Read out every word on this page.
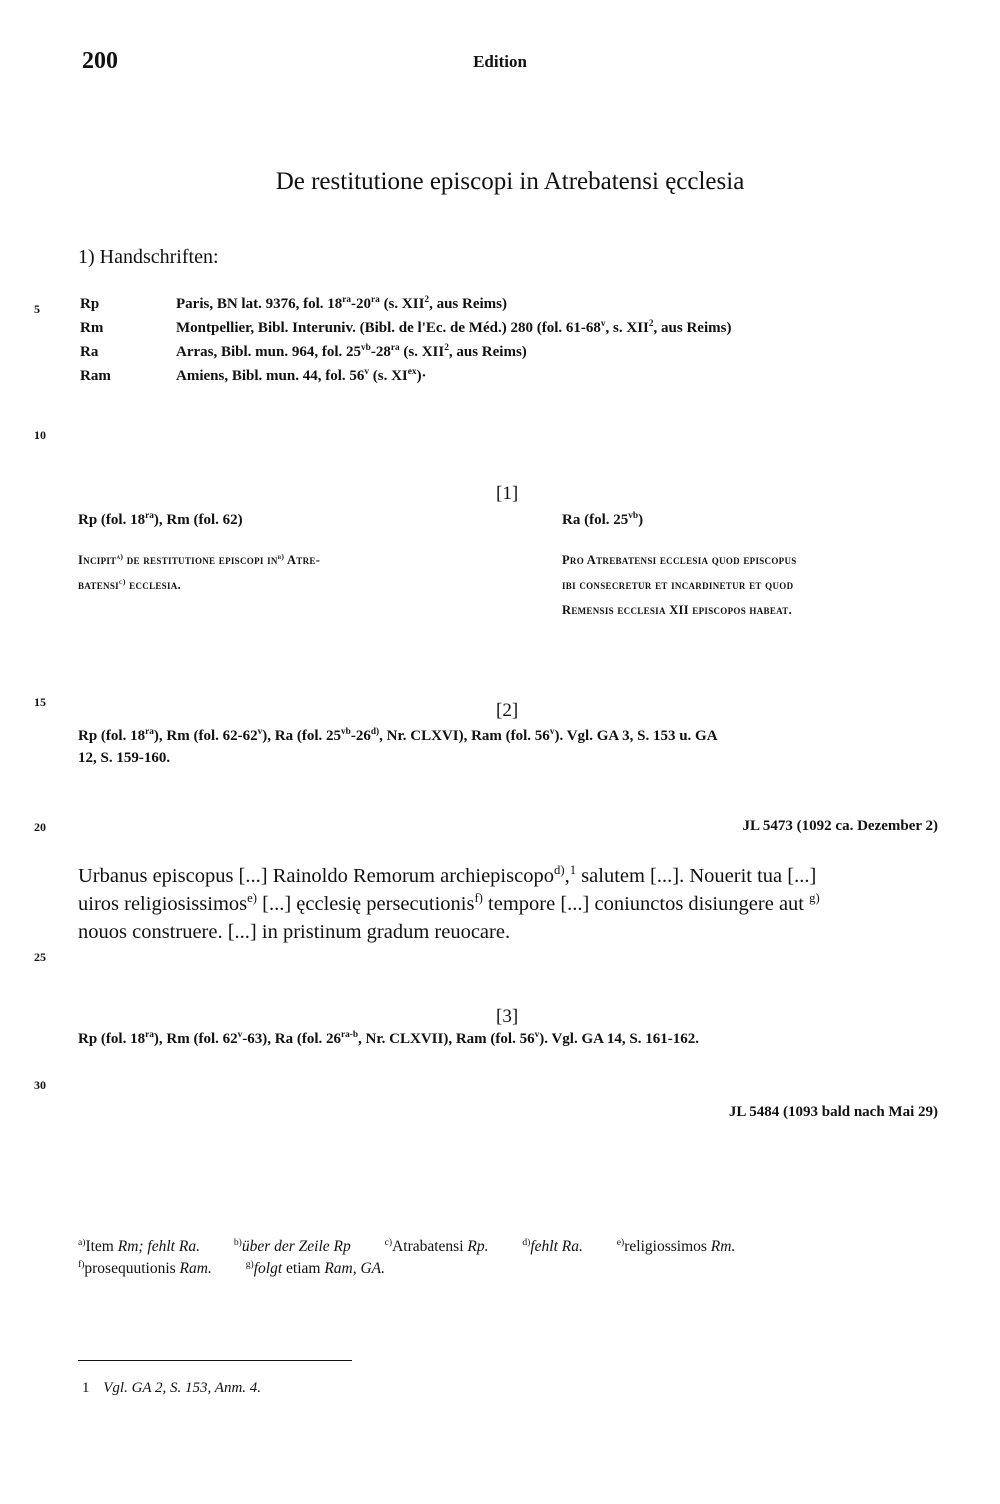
200	Edition
De restitutione episcopi in Atrebatensi ęcclesia
1) Handschriften:
5
10
15
20
25
30
Rp	Paris, BN lat. 9376, fol. $18^{ra}-20^{ra}$ (s. XII$^2$, aus Reims)
Rm	Montpellier, Bibl. Interuniv. (Bibl. de l'Ec. de Méd.) 280 (fol. 61-68$^v$, s. XII$^2$, aus Reims)
Ra	Arras, Bibl. mun. 964, fol. $25^{vb}-28^{ra}$ (s. XII$^2$, aus Reims)
Ram	Amiens, Bibl. mun. 44, fol. 56$^v$ (s. $XI^{ex})\cdot$
[1]
Rp (fol. $18^{ra}$), Rm (fol. 62)	Ra (fol. $25^{vb}$)
Incipit$^{a)}$ de restitutione episcopi $in^{b)}$ Atre-
batensi$^{c)}$ ecclesia.
Pro Atrebatensi ecclesia quod episcopus
ibi consecretur et incardinetur et quod
Remensis ecclesia XII episcopos habeat.
[2]
Rp (fol. $18^{ra}$), Rm (fol. 62-62$^v$), Ra (fol. $25^{vb}-26^{d)}$, Nr. CLXVI), Ram (fol. 56$^v$). Vgl. GA 3, S. 153 u. GA
12, S. 159-160.
JL 5473 (1092 ca. Dezember 2)
Urbanus episcopus [...] Rainoldo Remorum archiepiscopo$^{d)}$,$^1$ salutem [...]. Nouerit tua [...]
uiros religiosissimos$^{e)}$ [...] ęcclesię persecutionis$^{f)}$ tempore [...] coniunctos disiungere aut $^{g)}$
nouos construere. [...] in pristinum gradum reuocare.
[3]
Rp (fol. $18^{ra}$), Rm (fol. 62$^v$-63), Ra (fol. $26^{ra-b}$, Nr. CLXVII), Ram (fol. 56$^v$). Vgl. GA 14, S. 161-162.
JL 5484 (1093 bald nach Mai 29)
$^{a)}$Item Rm; fehlt Ra.	$^{b)}$über der Zeile Rp	$^{c)}$Atrabatensi Rp.	$^{d)}$fehlt Ra.	$^{e)}$religiossimos Rm.
$^{f)}$prosequutionis Ram.	$^{g)}$folgt etiam Ram, GA.
1 Vgl. GA 2, S. 153, Anm. 4.
